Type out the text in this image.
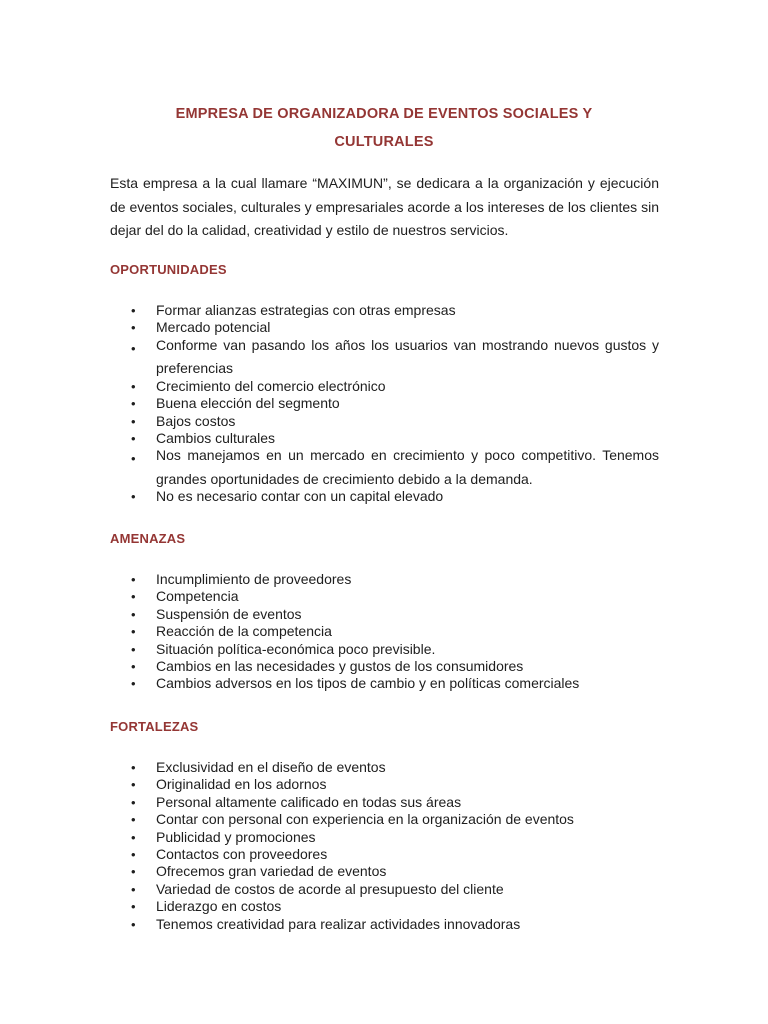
EMPRESA DE ORGANIZADORA DE EVENTOS SOCIALES Y
CULTURALES
Esta empresa a la cual llamare “MAXIMUN”, se dedicara a la organización y ejecución de eventos sociales, culturales y empresariales acorde a los intereses de los clientes sin dejar del do la calidad, creatividad y estilo de nuestros servicios.
OPORTUNIDADES
• Formar alianzas estrategias con otras empresas
• Mercado potencial
• Conforme van pasando los años los usuarios van mostrando nuevos gustos y preferencias
• Crecimiento del comercio electrónico
• Buena elección del segmento
• Bajos costos
• Cambios culturales
• Nos manejamos en un mercado en crecimiento y poco competitivo. Tenemos grandes oportunidades de crecimiento debido a la demanda.
• No es necesario contar con un capital elevado
AMENAZAS
• Incumplimiento de proveedores
• Competencia
• Suspensión de eventos
• Reacción de la competencia
• Situación política-económica poco previsible.
• Cambios en las necesidades y gustos de los consumidores
• Cambios adversos en los tipos de cambio y en políticas comerciales
FORTALEZAS
• Exclusividad en el diseño de eventos
• Originalidad en los adornos
• Personal altamente calificado en todas sus áreas
• Contar con personal con experiencia en la organización de eventos
• Publicidad y promociones
• Contactos con proveedores
• Ofrecemos gran variedad de eventos
• Variedad de costos de acorde al presupuesto del cliente
• Liderazgo en costos
• Tenemos creatividad para realizar actividades innovadoras
